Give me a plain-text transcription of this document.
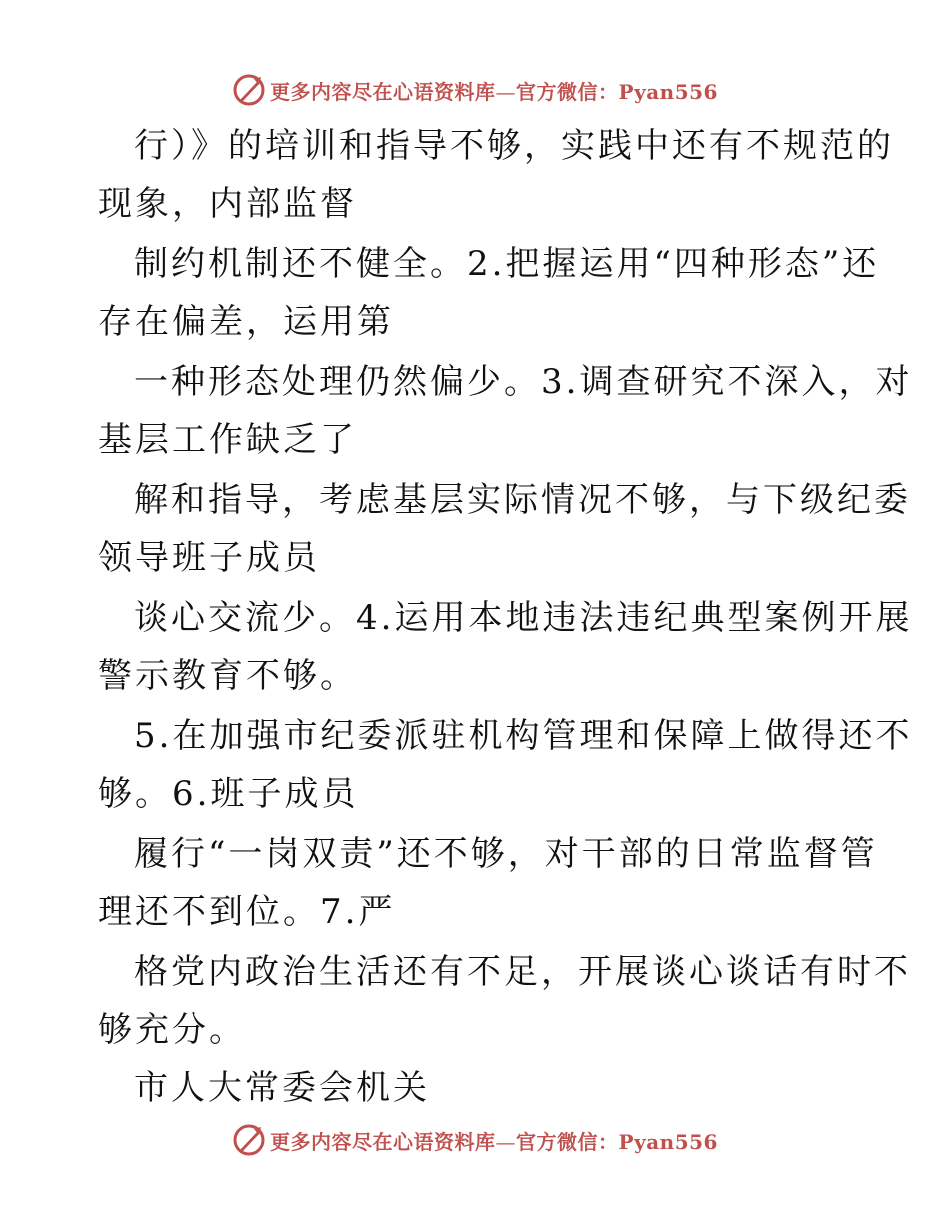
更多内容尽在心语资料库—官方微信：Pyan556
行）》的培训和指导不够，实践中还有不规范的
现象，内部监督
制约机制还不健全。2.把握运用“四种形态”还
存在偏差，运用第
一种形态处理仍然偏少。3.调查研究不深入，对
基层工作缺乏了
解和指导，考虑基层实际情况不够，与下级纪委
领导班子成员
谈心交流少。4.运用本地违法违纪典型案例开展
警示教育不够。
5.在加强市纪委派驻机构管理和保障上做得还不
够。6.班子成员
履行“一岗双责”还不够，对干部的日常监督管
理还不到位。7.严
格党内政治生活还有不足，开展谈心谈话有时不
够充分。
市人大常委会机关
更多内容尽在心语资料库—官方微信：Pyan556
